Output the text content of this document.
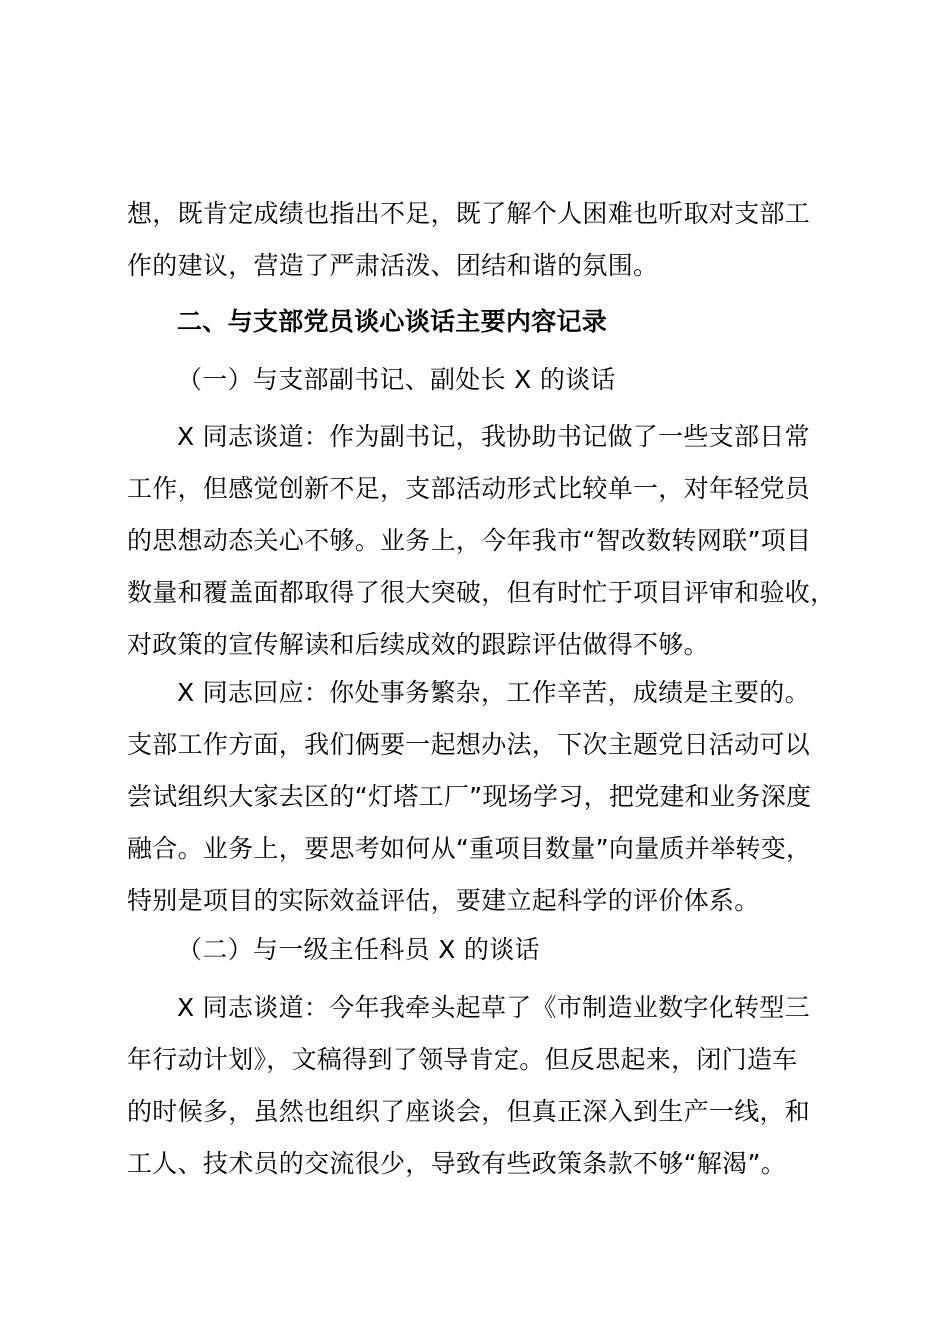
想，既肯定成绩也指出不足，既了解个人困难也听取对支部工
作的建议，营造了严肃活泼、团结和谐的氛围。
二、与支部党员谈心谈话主要内容记录
（一）与支部副书记、副处长 X 的谈话
X 同志谈道：作为副书记，我协助书记做了一些支部日常
工作，但感觉创新不足，支部活动形式比较单一，对年轻党员
的思想动态关心不够。业务上，今年我市“智改数转网联”项目
数量和覆盖面都取得了很大突破，但有时忙于项目评审和验收，
对政策的宣传解读和后续成效的跟踪评估做得不够。
X 同志回应：你处事务繁杂，工作辛苦，成绩是主要的。
支部工作方面，我们俩要一起想办法，下次主题党日活动可以
尝试组织大家去区的“灯塔工厂”现场学习，把党建和业务深度
融合。业务上，要思考如何从“重项目数量”向量质并举转变，
特别是项目的实际效益评估，要建立起科学的评价体系。
（二）与一级主任科员 X 的谈话
X 同志谈道：今年我牵头起草了《市制造业数字化转型三
年行动计划》，文稿得到了领导肯定。但反思起来，闭门造车
的时候多，虽然也组织了座谈会，但真正深入到生产一线，和
工人、技术员的交流很少，导致有些政策条款不够“解渴”。
